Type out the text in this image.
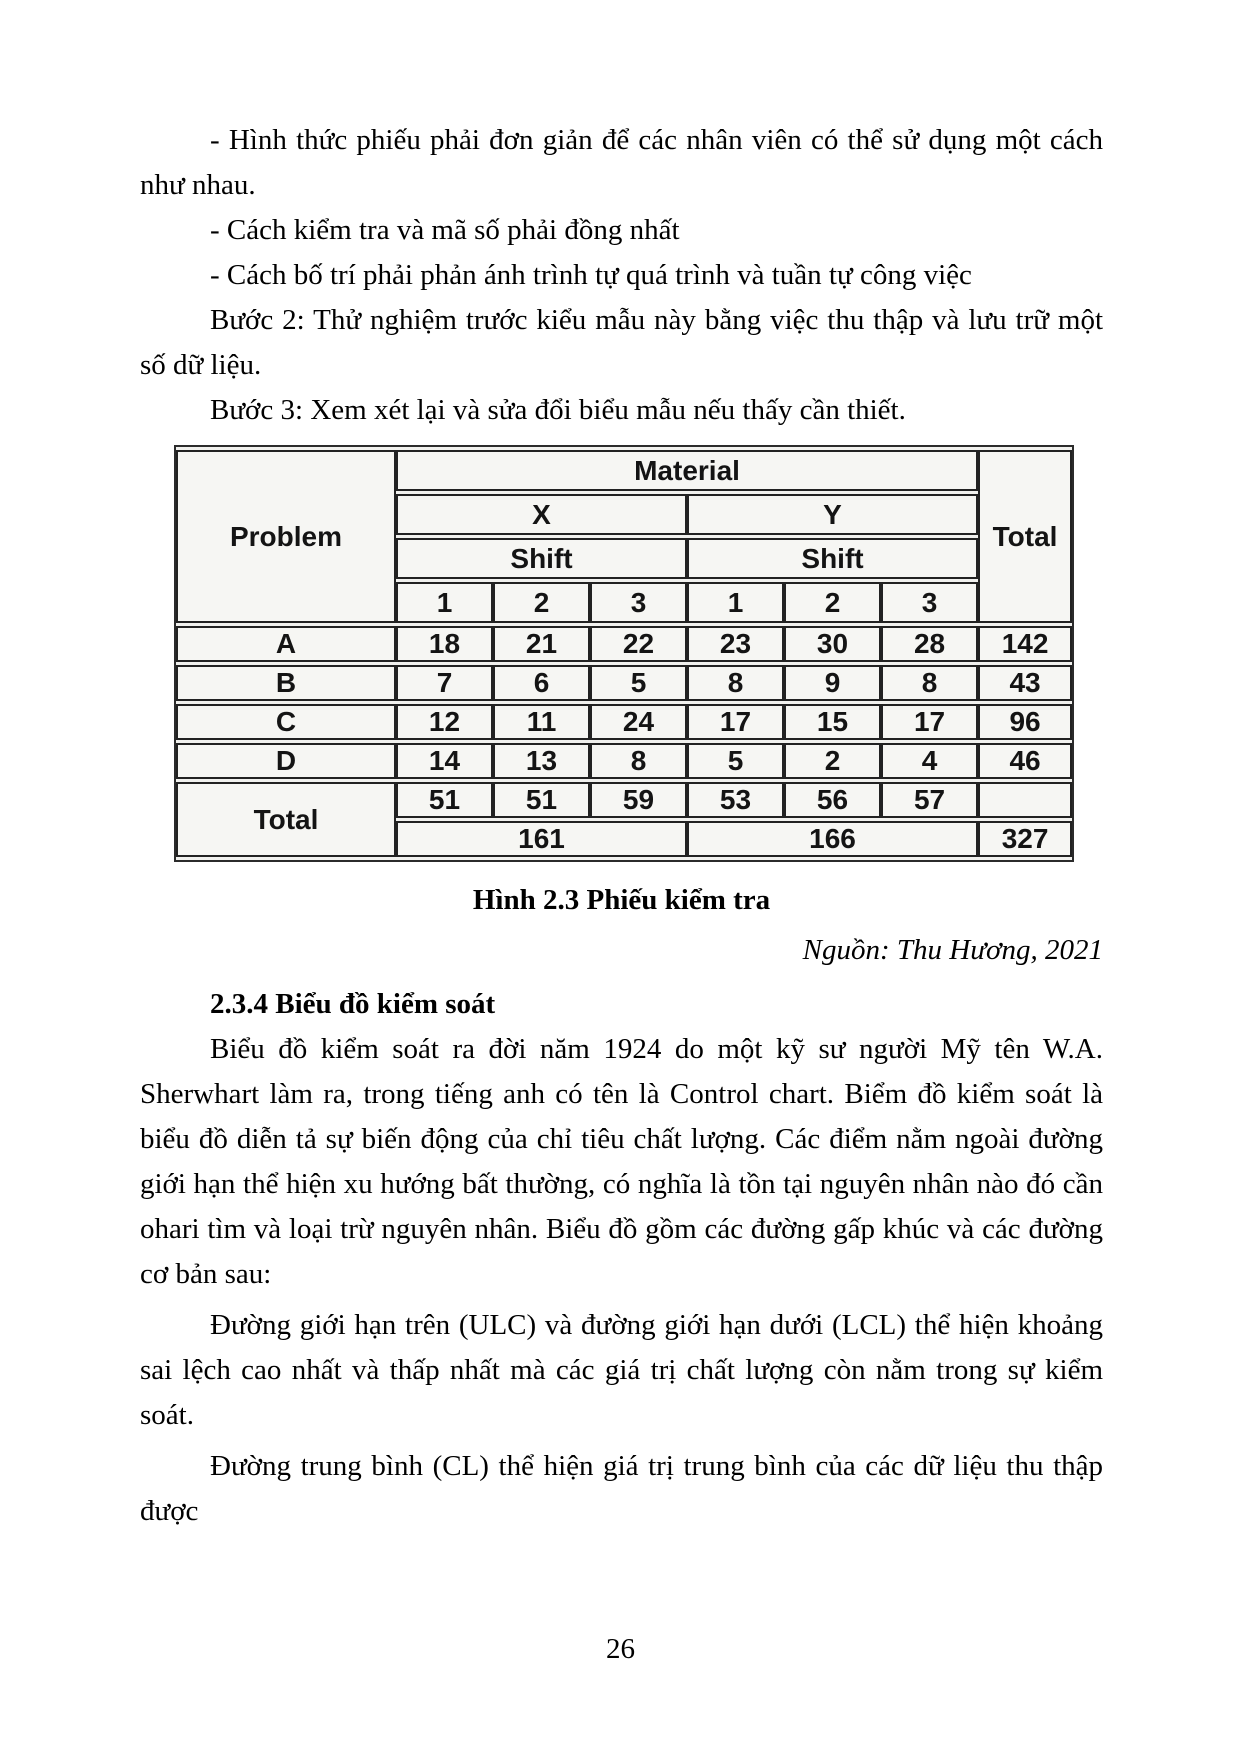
- Hình thức phiếu phải đơn giản để các nhân viên có thể sử dụng một cách như nhau.

- Cách kiểm tra và mã số phải đồng nhất

- Cách bố trí phải phản ánh trình tự quá trình và tuần tự công việc

Bước 2: Thử nghiệm trước kiểu mẫu này bằng việc thu thập và lưu trữ một số dữ liệu.

Bước 3: Xem xét lại và sửa đổi biểu mẫu nếu thấy cần thiết.

Problem	Material						Total
	X			Y			
	Shift			Shift			
	1	2	3	1	2	3	
A	18	21	22	23	30	28	142
B	7	6	5	8	9	8	43
C	12	11	24	17	15	17	96
D	14	13	8	5	2	4	46
Total	51	51	59	53	56	57	
	161			166			327

Hình 2.3 Phiếu kiểm tra

Nguồn: Thu Hương, 2021

2.3.4 Biểu đồ kiểm soát

Biểu đồ kiểm soát ra đời năm 1924 do một kỹ sư người Mỹ tên W.A. Sherwhart làm ra, trong tiếng anh có tên là Control chart. Biểm đồ kiểm soát là biểu đồ diễn tả sự biến động của chỉ tiêu chất lượng. Các điểm nằm ngoài đường giới hạn thể hiện xu hướng bất thường, có nghĩa là tồn tại nguyên nhân nào đó cần ohari tìm và loại trừ nguyên nhân. Biểu đồ gồm các đường gấp khúc và các đường cơ bản sau:

Đường giới hạn trên (ULC) và đường giới hạn dưới (LCL) thể hiện khoảng sai lệch cao nhất và thấp nhất mà các giá trị chất lượng còn nằm trong sự kiểm soát.

Đường trung bình (CL) thể hiện giá trị trung bình của các dữ liệu thu thập được

26
